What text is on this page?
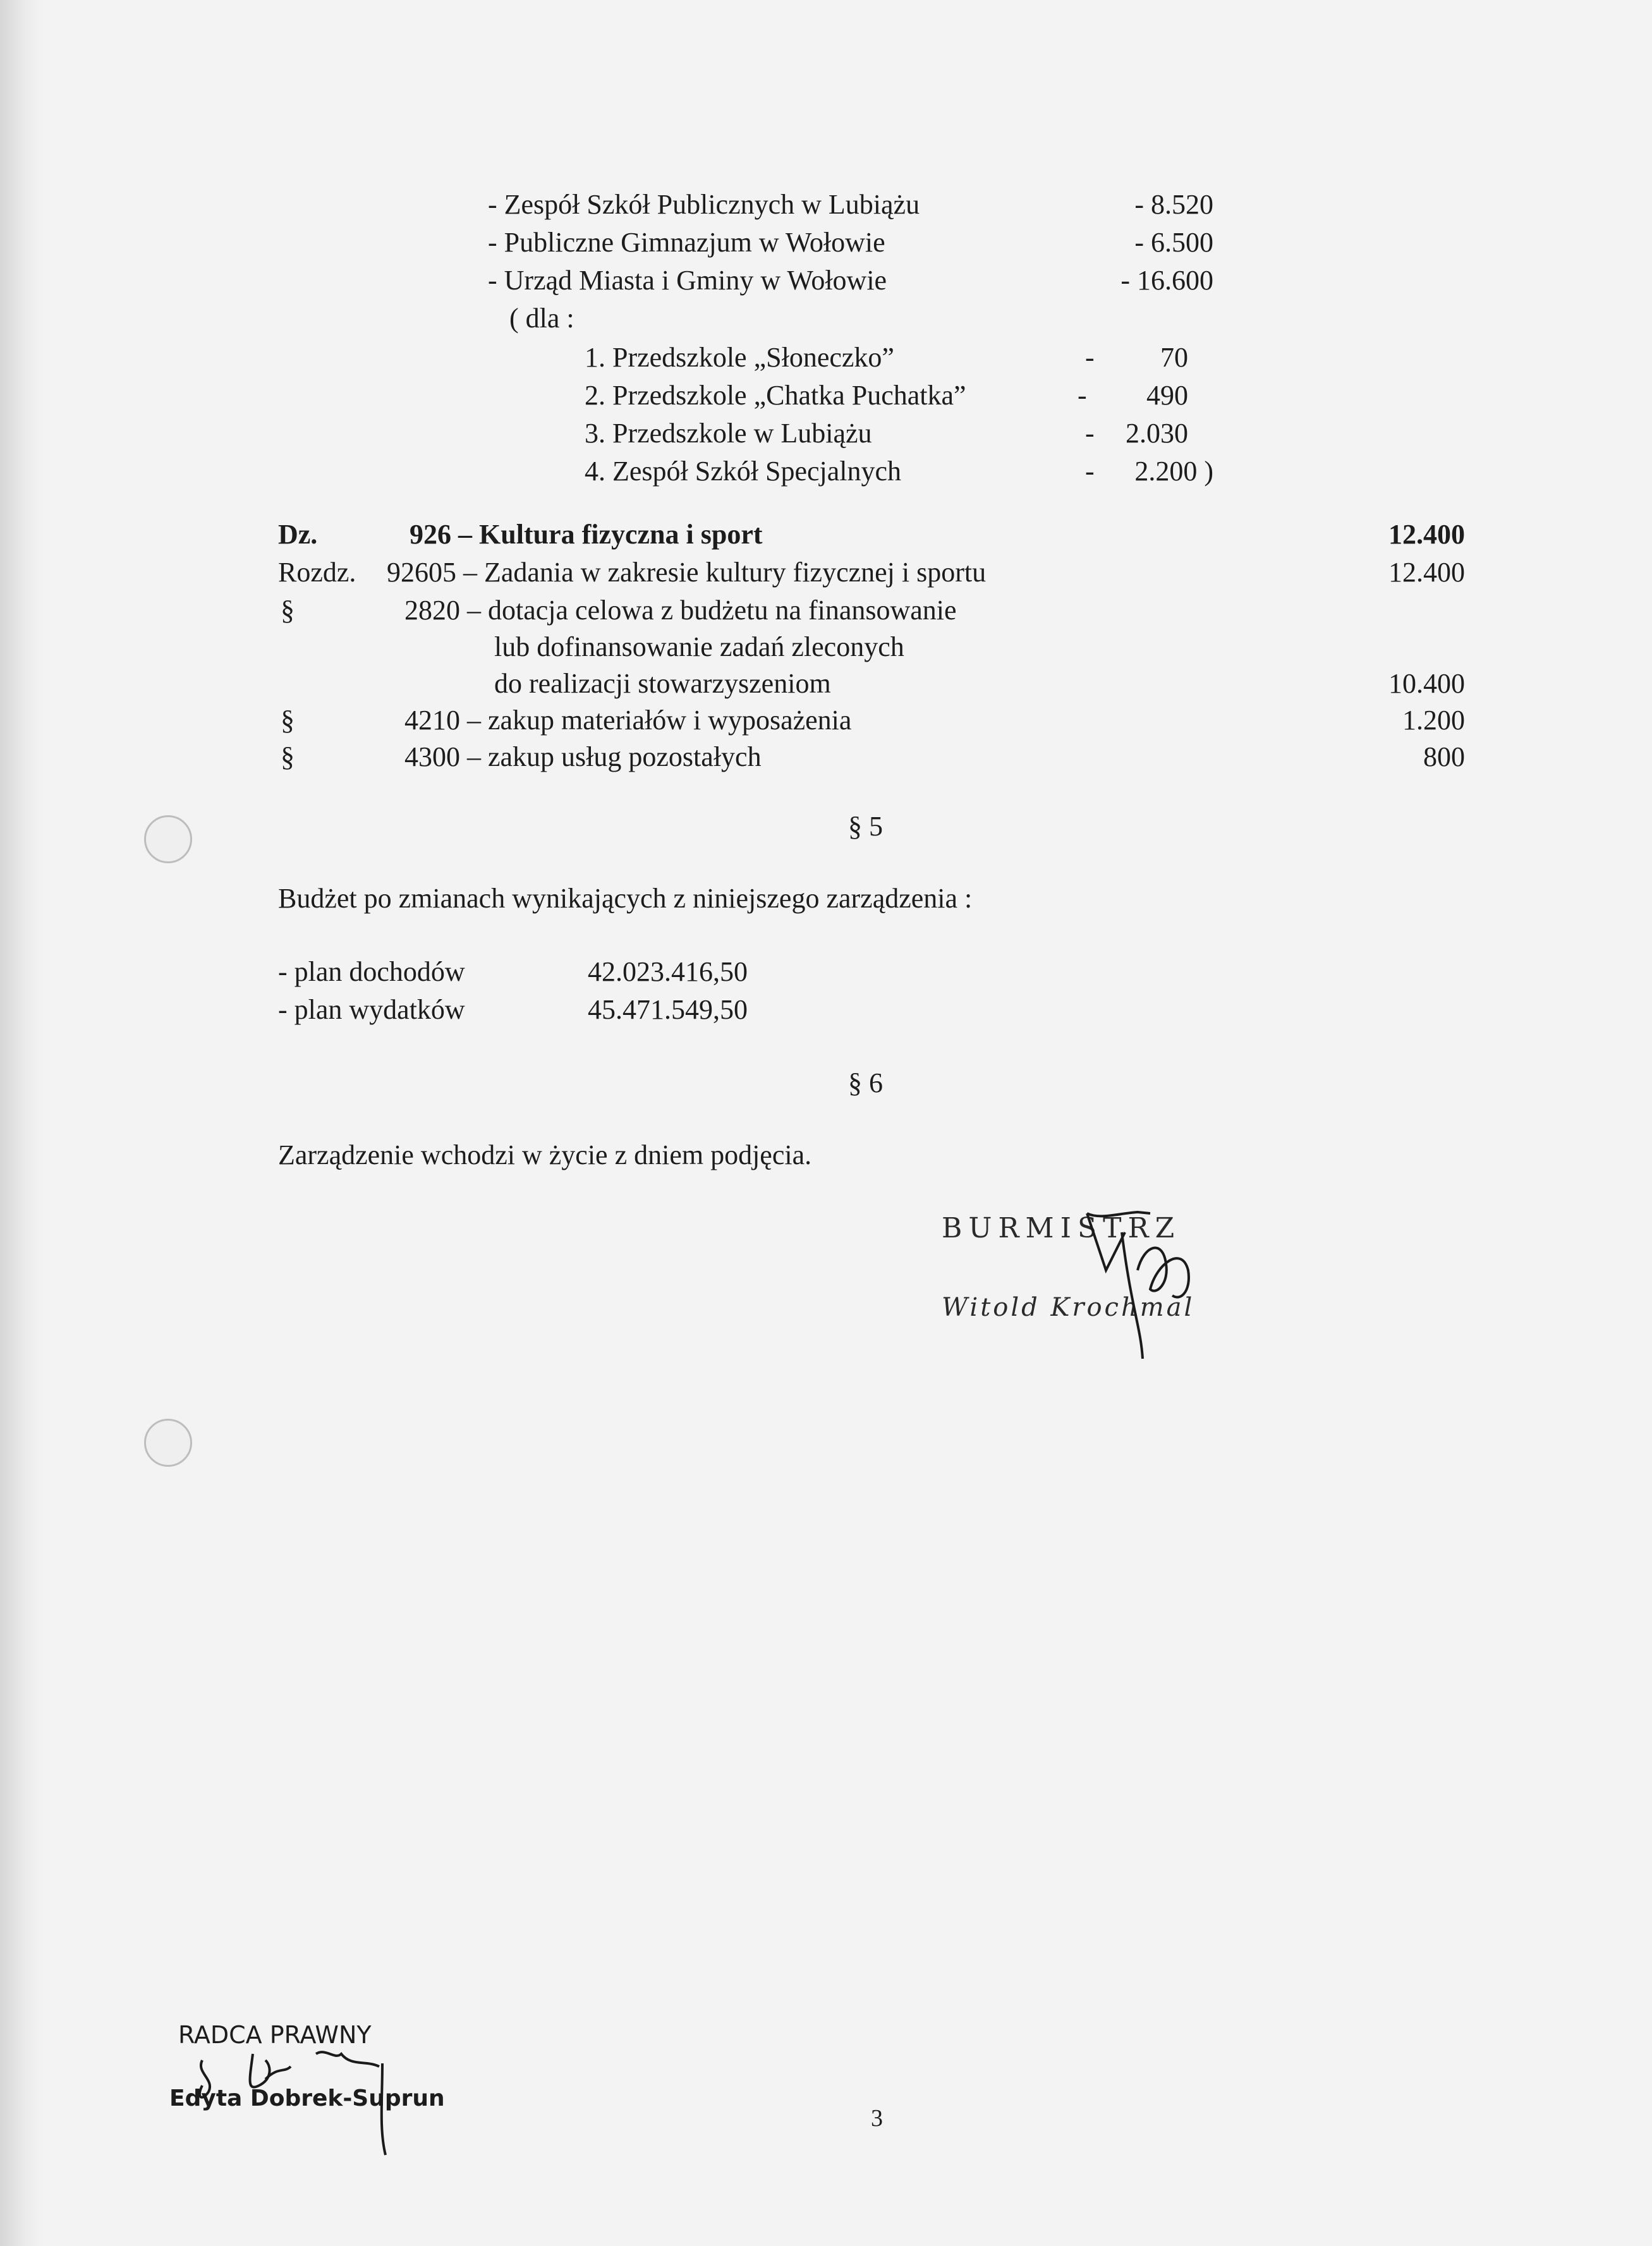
- Zespół Szkół Publicznych w Lubiążu	- 8.520
- Publiczne Gimnazjum w Wołowie	- 6.500
- Urząd Miasta i Gminy w Wołowie	- 16.600
( dla :
1. Przedszkole „Słoneczko”	-	70
2. Przedszkole „Chatka Puchatka”	-	490
3. Przedszkole w Lubiążu	-	2.030
4. Zespół Szkół Specjalnych	-	2.200 )
Dz.	926 – Kultura fizyczna i sport	12.400
Rozdz. 92605 – Zadania w zakresie kultury fizycznej i sportu	12.400
§	2820 – dotacja celowa z budżetu na finansowanie
lub dofinansowanie zadań zleconych
do realizacji stowarzyszeniom	10.400
§	4210 – zakup materiałów i wyposażenia	1.200
§	4300 – zakup usług pozostałych	800
§ 5
Budżet po zmianach wynikających z niniejszego zarządzenia :
- plan dochodów	42.023.416,50
- plan wydatków	45.471.549,50
§ 6
Zarządzenie wchodzi w życie z dniem podjęcia.
BURMISTRZ
Witold Krochmal
RADCA PRAWNY
Edyta Dobrek-Suprun
3
